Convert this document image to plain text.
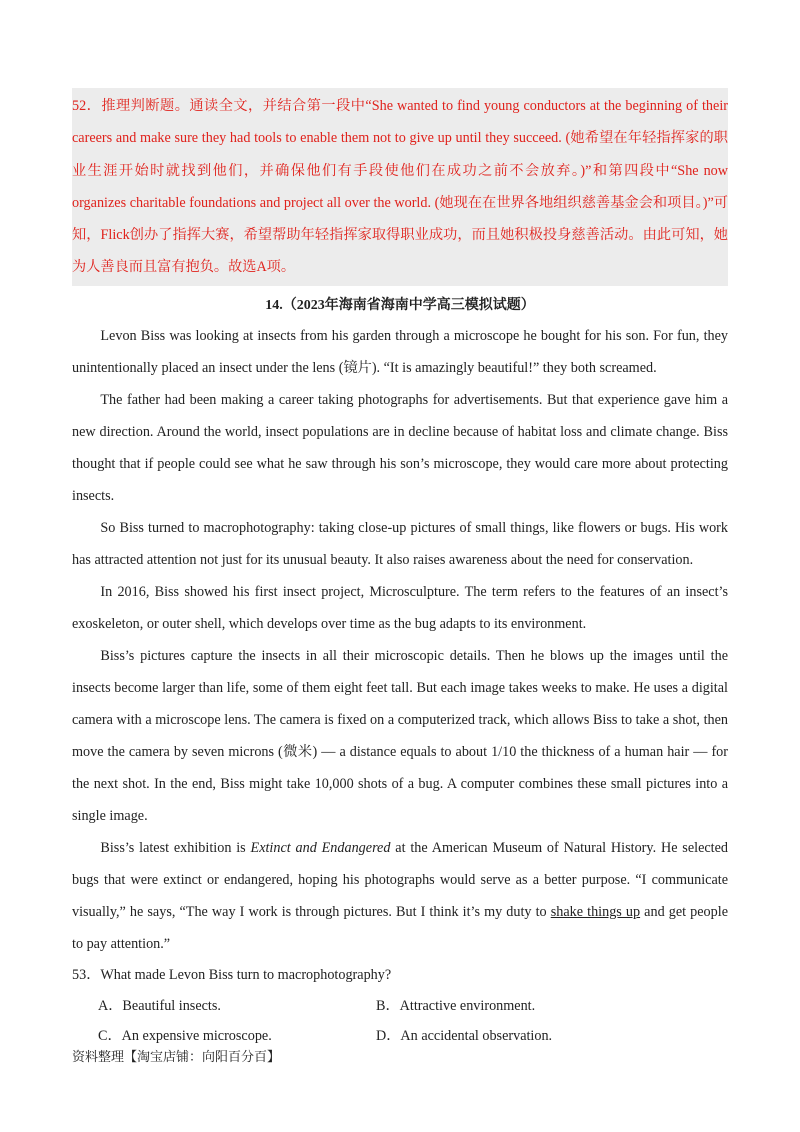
52．推理判断题。通读全文，并结合第一段中“She wanted to find young conductors at the beginning of their careers and make sure they had tools to enable them not to give up until they succeed. (她希望在年轻指挥家的职业生涯开始时就找到他们，并确保他们有手段使他们在成功之前不会放弃。)”和第四段中“She now organizes charitable foundations and project all over the world. (她现在在世界各地组织慈善基金会和项目。)”可知，Flick创办了指挥大赛，希望帮助年轻指挥家取得职业成功，而且她积极投身慈善活动。由此可知，她为人善良而且富有抱负。故选A项。
14.（2023年海南省海南中学高三模拟试题）

Levon Biss was looking at insects from his garden through a microscope he bought for his son. For fun, they unintentionally placed an insect under the lens (镜片). “It is amazingly beautiful!” they both screamed.

The father had been making a career taking photographs for advertisements. But that experience gave him a new direction. Around the world, insect populations are in decline because of habitat loss and climate change. Biss thought that if people could see what he saw through his son’s microscope, they would care more about protecting insects.

So Biss turned to macrophotography: taking close-up pictures of small things, like flowers or bugs. His work has attracted attention not just for its unusual beauty. It also raises awareness about the need for conservation.

In 2016, Biss showed his first insect project, Microsculpture. The term refers to the features of an insect’s exoskeleton, or outer shell, which develops over time as the bug adapts to its environment.

Biss’s pictures capture the insects in all their microscopic details. Then he blows up the images until the insects become larger than life, some of them eight feet tall. But each image takes weeks to make. He uses a digital camera with a microscope lens. The camera is fixed on a computerized track, which allows Biss to take a shot, then move the camera by seven microns (微米) — a distance equals to about 1/10 the thickness of a human hair — for the next shot. In the end, Biss might take 10,000 shots of a bug. A computer combines these small pictures into a single image.

Biss’s latest exhibition is Extinct and Endangered at the American Museum of Natural History. He selected bugs that were extinct or endangered, hoping his photographs would serve as a better purpose. “I communicate visually,” he says, “The way I work is through pictures. But I think it’s my duty to shake things up and get people to pay attention.”

53．What made Levon Biss turn to macrophotography?

A．Beautiful insects.	B．Attractive environment.
C．An expensive microscope.	D．An accidental observation.
资料整理【淘宝店铺：向阳百分百】
